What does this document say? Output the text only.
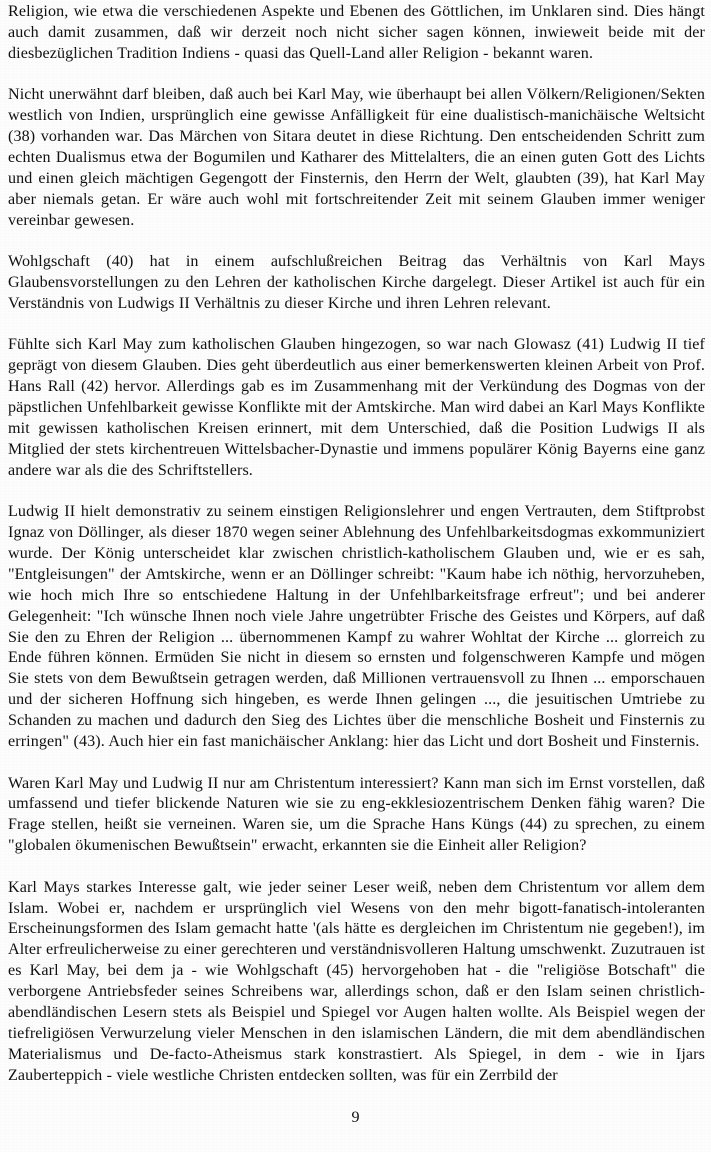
Religion, wie etwa die verschiedenen Aspekte und Ebenen des Göttlichen, im Unklaren sind. Dies hängt auch damit zusammen, daß wir derzeit noch nicht sicher sagen können, inwieweit beide mit der diesbezüglichen Tradition Indiens - quasi das Quell-Land aller Religion - bekannt waren.

Nicht unerwähnt darf bleiben, daß auch bei Karl May, wie überhaupt bei allen Völkern/Religionen/Sekten westlich von Indien, ursprünglich eine gewisse Anfälligkeit für eine dualistisch-manichäische Weltsicht (38) vorhanden war. Das Märchen von Sitara deutet in diese Richtung. Den entscheidenden Schritt zum echten Dualismus etwa der Bogumilen und Katharer des Mittelalters, die an einen guten Gott des Lichts und einen gleich mächtigen Gegengott der Finsternis, den Herrn der Welt, glaubten (39), hat Karl May aber niemals getan. Er wäre auch wohl mit fortschreitender Zeit mit seinem Glauben immer weniger vereinbar gewesen.

Wohlgschaft (40) hat in einem aufschlußreichen Beitrag das Verhältnis von Karl Mays Glaubensvorstellungen zu den Lehren der katholischen Kirche dargelegt. Dieser Artikel ist auch für ein Verständnis von Ludwigs II Verhältnis zu dieser Kirche und ihren Lehren relevant.

Fühlte sich Karl May zum katholischen Glauben hingezogen, so war nach Glowasz (41) Ludwig II tief geprägt von diesem Glauben. Dies geht überdeutlich aus einer bemerkenswerten kleinen Arbeit von Prof. Hans Rall (42) hervor. Allerdings gab es im Zusammenhang mit der Verkündung des Dogmas von der päpstlichen Unfehlbarkeit gewisse Konflikte mit der Amtskirche. Man wird dabei an Karl Mays Konflikte mit gewissen katholischen Kreisen erinnert, mit dem Unterschied, daß die Position Ludwigs II als Mitglied der stets kirchentreuen Wittelsbacher-Dynastie und immens populärer König Bayerns eine ganz andere war als die des Schriftstellers.

Ludwig II hielt demonstrativ zu seinem einstigen Religionslehrer und engen Vertrauten, dem Stiftprobst Ignaz von Döllinger, als dieser 1870 wegen seiner Ablehnung des Unfehlbarkeitsdogmas exkommuniziert wurde. Der König unterscheidet klar zwischen christlich-katholischem Glauben und, wie er es sah, "Entgleisungen" der Amtskirche, wenn er an Döllinger schreibt: "Kaum habe ich nöthig, hervorzuheben, wie hoch mich Ihre so entschiedene Haltung in der Unfehlbarkeitsfrage erfreut"; und bei anderer Gelegenheit: "Ich wünsche Ihnen noch viele Jahre ungetrübter Frische des Geistes und Körpers, auf daß Sie den zu Ehren der Religion ... übernommenen Kampf zu wahrer Wohltat der Kirche ... glorreich zu Ende führen können. Ermüden Sie nicht in diesem so ernsten und folgenschweren Kampfe und mögen Sie stets von dem Bewußtsein getragen werden, daß Millionen vertrauensvoll zu Ihnen ... emporschauen und der sicheren Hoffnung sich hingeben, es werde Ihnen gelingen ..., die jesuitischen Umtriebe zu Schanden zu machen und dadurch den Sieg des Lichtes über die menschliche Bosheit und Finsternis zu erringen" (43). Auch hier ein fast manichäischer Anklang: hier das Licht und dort Bosheit und Finsternis.

Waren Karl May und Ludwig II nur am Christentum interessiert? Kann man sich im Ernst vorstellen, daß umfassend und tiefer blickende Naturen wie sie zu eng-ekklesiozentrischem Denken fähig waren? Die Frage stellen, heißt sie verneinen. Waren sie, um die Sprache Hans Küngs (44) zu sprechen, zu einem "globalen ökumenischen Bewußtsein" erwacht, erkannten sie die Einheit aller Religion?

Karl Mays starkes Interesse galt, wie jeder seiner Leser weiß, neben dem Christentum vor allem dem Islam. Wobei er, nachdem er ursprünglich viel Wesens von den mehr bigott-fanatisch-intoleranten Erscheinungsformen des Islam gemacht hatte '(als hätte es dergleichen im Christentum nie gegeben!), im Alter erfreulicherweise zu einer gerechteren und verständnisvolleren Haltung umschwenkt. Zuzutrauen ist es Karl May, bei dem ja - wie Wohlgschaft (45) hervorgehoben hat - die "religiöse Botschaft" die verborgene Antriebsfeder seines Schreibens war, allerdings schon, daß er den Islam seinen christlich-abendländischen Lesern stets als Beispiel und Spiegel vor Augen halten wollte. Als Beispiel wegen der tiefreligiösen Verwurzelung vieler Menschen in den islamischen Ländern, die mit dem abendländischen Materialismus und De-facto-Atheismus stark konstrastiert. Als Spiegel, in dem - wie in Ijars Zauberteppich - viele westliche Christen entdecken sollten, was für ein Zerrbild der

9
